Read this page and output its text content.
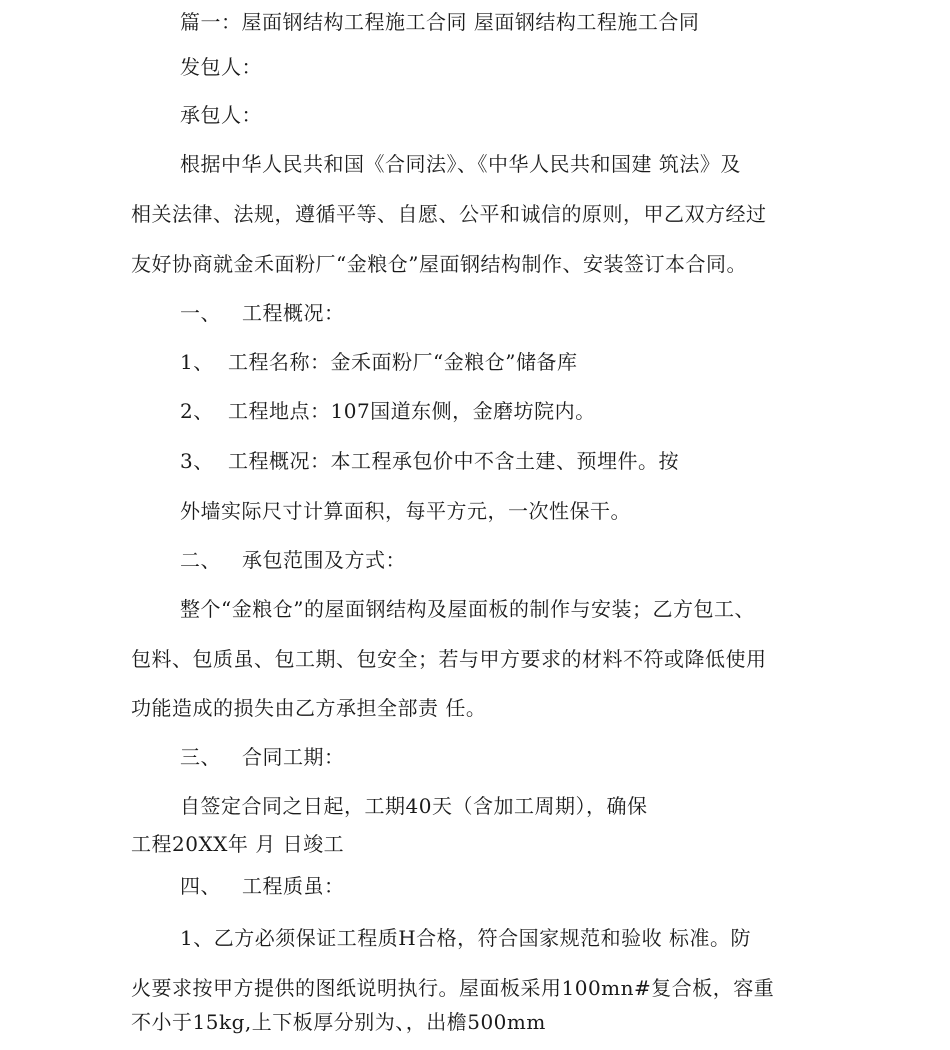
篇一：屋面钢结构工程施工合同 屋面钢结构工程施工合同
发包人：
承包人：
根据中华人民共和国《合同法》、《中华人民共和国建 筑法》及
相关法律、法规，遵循平等、自愿、公平和诚信的原则，甲乙双方经过
友好协商就金禾面粉厂“金粮仓”屋面钢结构制作、安装签订本合同。
一、 工程概况：
1、 工程名称：金禾面粉厂“金粮仓”储备库
2、 工程地点：107国道东侧，金磨坊院内。
3、 工程概况：本工程承包价中不含土建、预埋件。按
外墙实际尺寸计算面积，每平方元，一次性保干。
二、 承包范围及方式：
整个“金粮仓”的屋面钢结构及屋面板的制作与安装；乙方包工、
包料、包质虽、包工期、包安全；若与甲方要求的材料不符或降低使用
功能造成的损失由乙方承担全部责 任。
三、 合同工期：
自签定合同之日起，工期40天（含加工周期），确保
工程20XX年 月 日竣工
四、 工程质虽：
1、乙方必须保证工程质H合格，符合国家规范和验收 标准。防
火要求按甲方提供的图纸说明执行。屋面板采用100mn#复合板，容重
不小于15kg,上下板厚分别为、，出檐500mm
